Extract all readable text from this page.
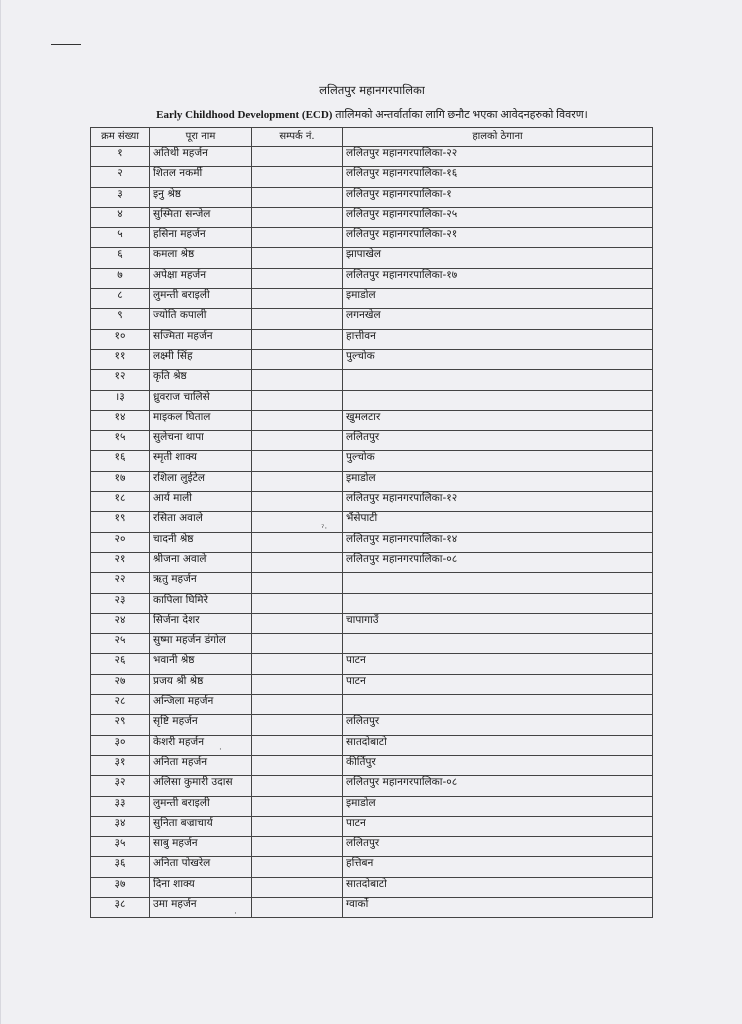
ललितपुर महानगरपालिका
Early Childhood Development (ECD) तालिमको अन्तर्वार्ताका लागि छनौट भएका आवेदनहरुको विवरण।
क्रम संख्या	पूरा नाम	सम्पर्क नं.	हालको ठेगाना
१	अतिथी महर्जन		ललितपुर महानगरपालिका-२२
२	शितल नकर्मी		ललितपुर महानगरपालिका-१६
३	इनु श्रेष्ठ		ललितपुर महानगरपालिका-१
४	सुस्मिता सन्जेल		ललितपुर महानगरपालिका-२५
५	हसिना महर्जन		ललितपुर महानगरपालिका-२१
६	कमला श्रेष्ठ		झापाखेल
७	अपेक्षा महर्जन		ललितपुर महानगरपालिका-१७
८	लुमन्ती बराइली		इमाडोल
९	ज्योति कपाली		लगनखेल
१०	सज्मिता महर्जन		हात्तीवन
११	लक्ष्मी सिंह		पुल्चोक
१२	कृति श्रेष्ठ		
।३	ध्रुवराज चालिसे		
१४	माइकल घिताल		खुमलटार
१५	सुलेचना थापा		ललितपुर
१६	स्मृती शाक्य		पुल्चोक
१७	रशिला लुईटेल		इमाडोल
१८	आर्य माली		ललितपुर महानगरपालिका-१२
१९	रसिता अवाले		भैंसेपाटी
२०	चादनी श्रेष्ठ		ललितपुर महानगरपालिका-१४
२१	श्रीजना अवाले		ललितपुर महानगरपालिका-०८
२२	ऋतु महर्जन		
२३	कापिला घिमिरे		
२४	सिर्जना देशर		चापागाउँ
२५	सुष्मा महर्जन डंगोल		
२६	भवानी श्रेष्ठ		पाटन
२७	प्रजय श्री श्रेष्ठ		पाटन
२८	अन्जिला महर्जन		
२९	सृष्टि महर्जन		ललितपुर
३०	केशरी महर्जन		सातदोबाटो
३१	अनिता महर्जन		कीर्तिपुर
३२	अलिसा कुमारी उदास		ललितपुर महानगरपालिका-०८
३३	लुमन्ती बराइली		इमाडोल
३४	सुनिता बज्राचार्य		पाटन
३५	साबु महर्जन		ललितपुर
३६	अनिता पोखरेल		हत्तिबन
३७	दिना शाक्य		सातदोबाटो
३८	उमा महर्जन		ग्वार्को
ˀ·
·
·
